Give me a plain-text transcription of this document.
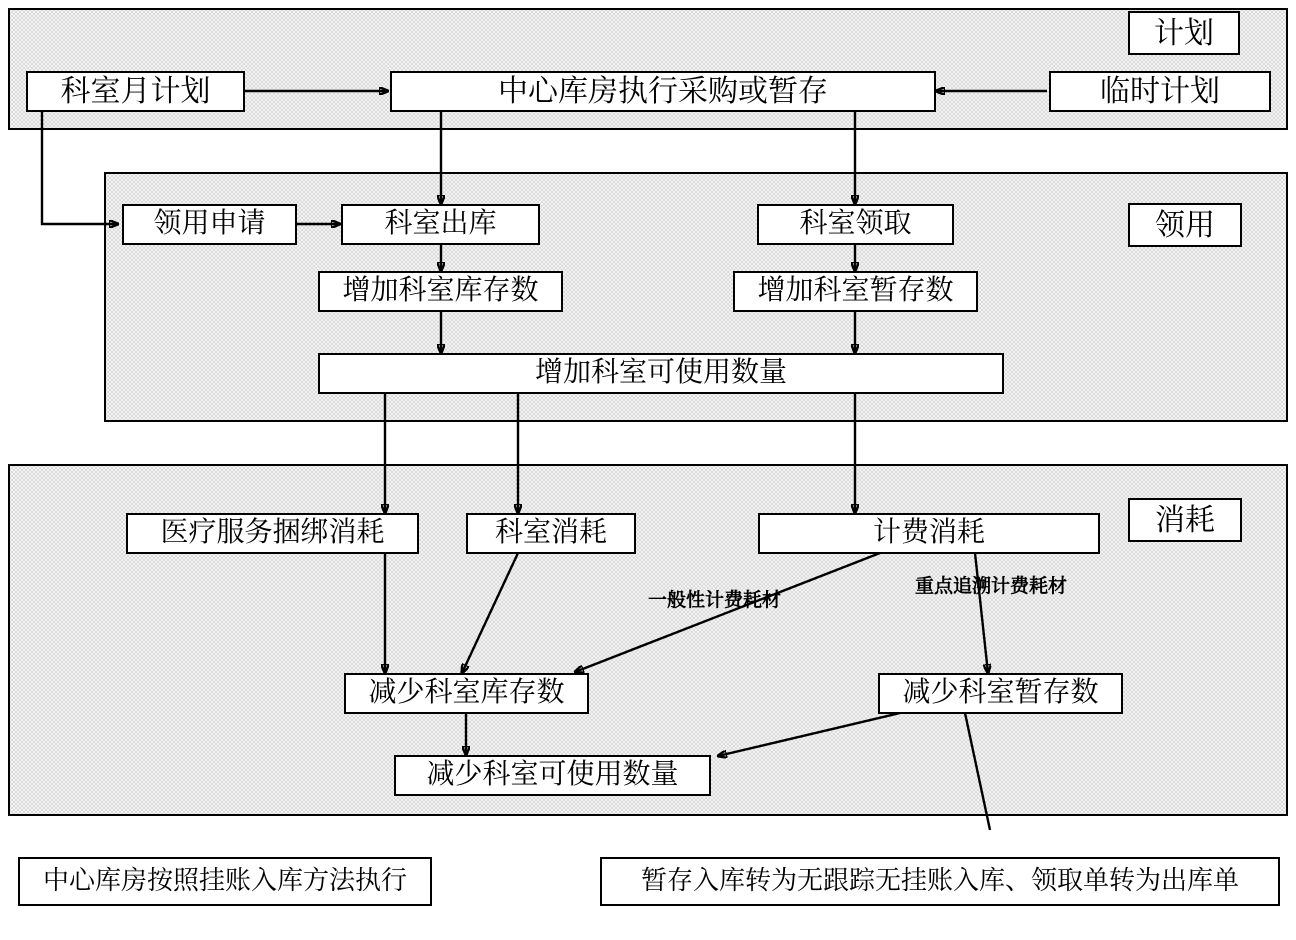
计划
领用
消耗
科室月计划	中心库房执行采购或暂存	临时计划
领用申请	科室出库	科室领取
增加科室库存数	增加科室暂存数
增加科室可使用数量
医疗服务捆绑消耗	科室消耗	计费消耗
减少科室库存数	减少科室暂存数
减少科室可使用数量
一般性计费耗材
重点追溯计费耗材
中心库房按照挂账入库方法执行	暂存入库转为无跟踪无挂账入库、领取单转为出库单
